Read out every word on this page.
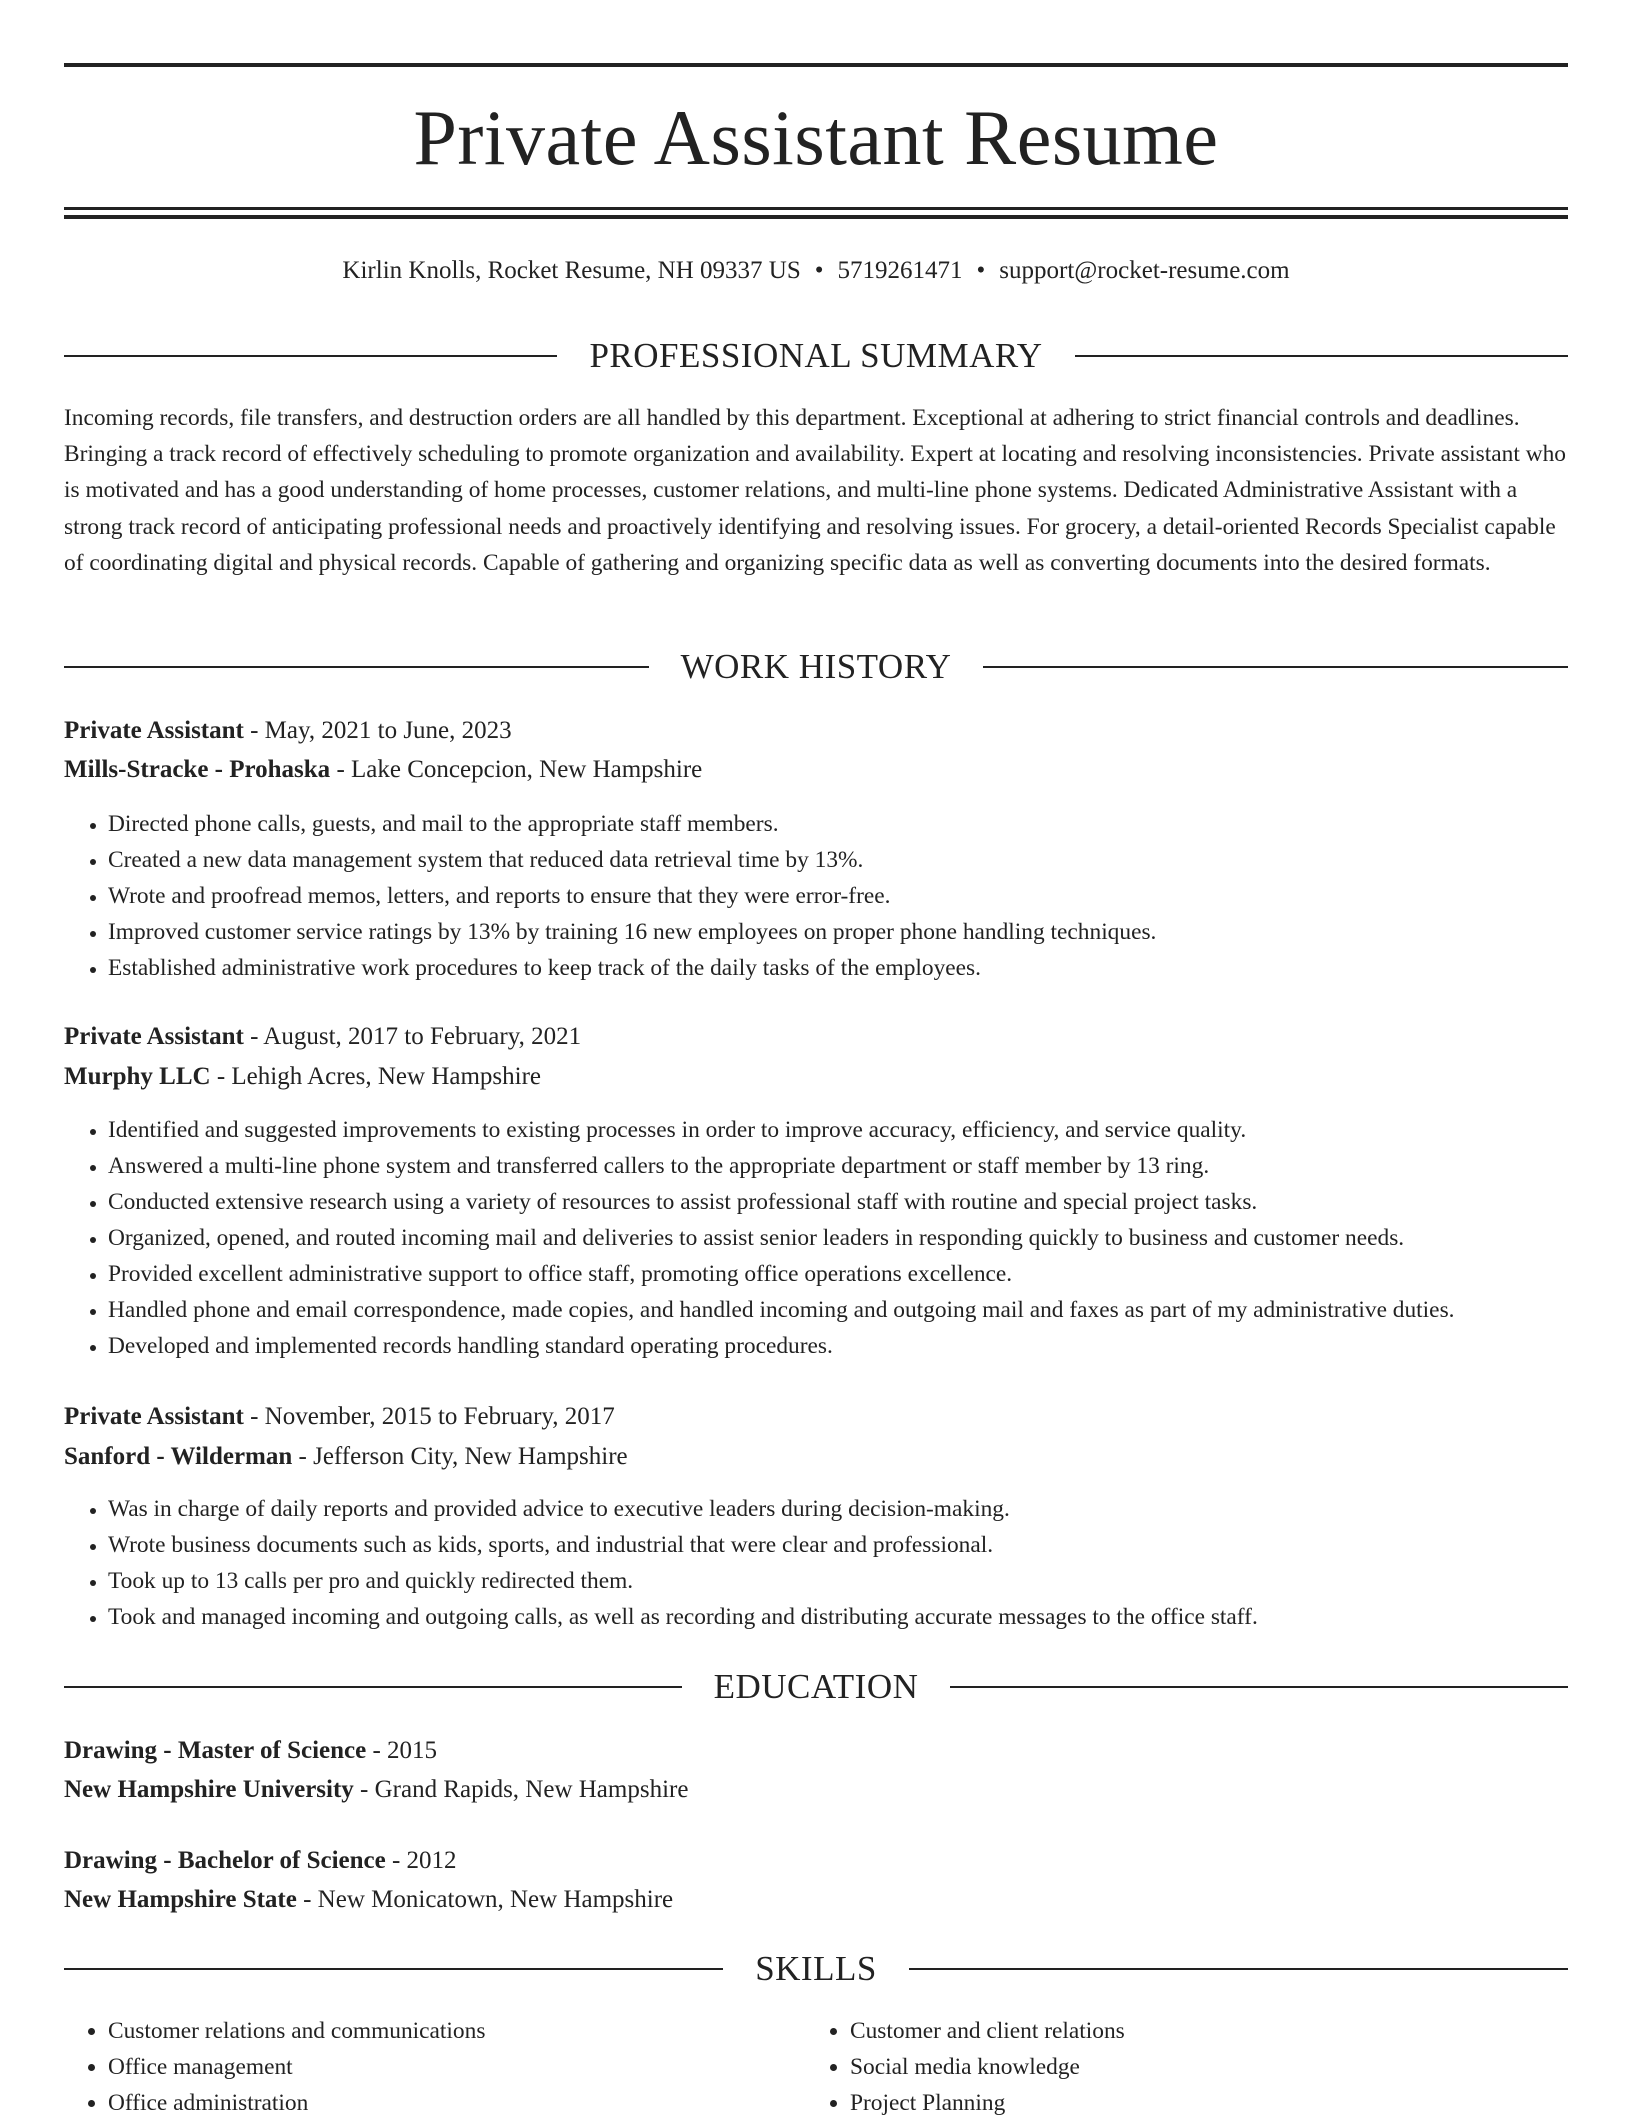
Private Assistant Resume
Kirlin Knolls, Rocket Resume, NH 09337 US • 5719261471 • support@rocket-resume.com
PROFESSIONAL SUMMARY

Incoming records, file transfers, and destruction orders are all handled by this department. Exceptional at adhering to strict financial controls and deadlines. Bringing a track record of effectively scheduling to promote organization and availability. Expert at locating and resolving inconsistencies. Private assistant who is motivated and has a good understanding of home processes, customer relations, and multi-line phone systems. Dedicated Administrative Assistant with a strong track record of anticipating professional needs and proactively identifying and resolving issues. For grocery, a detail-oriented Records Specialist capable of coordinating digital and physical records. Capable of gathering and organizing specific data as well as converting documents into the desired formats.

WORK HISTORY
Private Assistant - May, 2021 to June, 2023
Mills-Stracke - Prohaska - Lake Concepcion, New Hampshire
• Directed phone calls, guests, and mail to the appropriate staff members.
• Created a new data management system that reduced data retrieval time by 13%.
• Wrote and proofread memos, letters, and reports to ensure that they were error-free.
• Improved customer service ratings by 13% by training 16 new employees on proper phone handling techniques.
• Established administrative work procedures to keep track of the daily tasks of the employees.
Private Assistant - August, 2017 to February, 2021
Murphy LLC - Lehigh Acres, New Hampshire
• Identified and suggested improvements to existing processes in order to improve accuracy, efficiency, and service quality.
• Answered a multi-line phone system and transferred callers to the appropriate department or staff member by 13 ring.
• Conducted extensive research using a variety of resources to assist professional staff with routine and special project tasks.
• Organized, opened, and routed incoming mail and deliveries to assist senior leaders in responding quickly to business and customer needs.
• Provided excellent administrative support to office staff, promoting office operations excellence.
• Handled phone and email correspondence, made copies, and handled incoming and outgoing mail and faxes as part of my administrative duties.
• Developed and implemented records handling standard operating procedures.
Private Assistant - November, 2015 to February, 2017
Sanford - Wilderman - Jefferson City, New Hampshire
• Was in charge of daily reports and provided advice to executive leaders during decision-making.
• Wrote business documents such as kids, sports, and industrial that were clear and professional.
• Took up to 13 calls per pro and quickly redirected them.
• Took and managed incoming and outgoing calls, as well as recording and distributing accurate messages to the office staff.
EDUCATION
Drawing - Master of Science - 2015
New Hampshire University - Grand Rapids, New Hampshire
Drawing - Bachelor of Science - 2012
New Hampshire State - New Monicatown, New Hampshire
SKILLS
• Customer relations and communications
• Office management
• Office administration
• Customer and client relations
• Social media knowledge
• Project Planning
